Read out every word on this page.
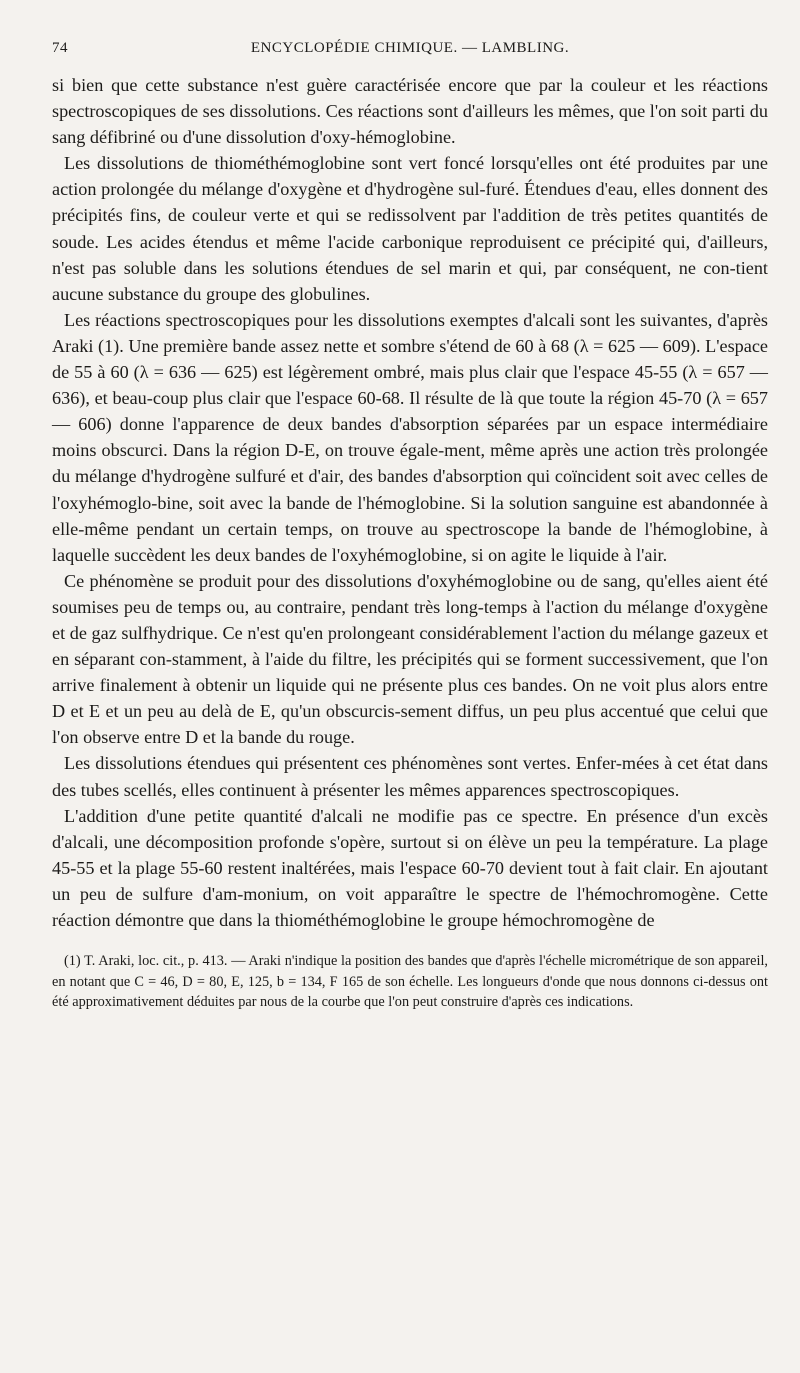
74	ENCYCLOPÉDIE CHIMIQUE. — LAMBLING.

si bien que cette substance n'est guère caractérisée encore que par la couleur et les réactions spectroscopiques de ses dissolutions. Ces réactions sont d'ailleurs les mêmes, que l'on soit parti du sang défibriné ou d'une dissolution d'oxy-hémoglobine.

Les dissolutions de thiométhémoglobine sont vert foncé lorsqu'elles ont été produites par une action prolongée du mélange d'oxygène et d'hydrogène sul-furé. Étendues d'eau, elles donnent des précipités fins, de couleur verte et qui se redissolvent par l'addition de très petites quantités de soude. Les acides étendus et même l'acide carbonique reproduisent ce précipité qui, d'ailleurs, n'est pas soluble dans les solutions étendues de sel marin et qui, par conséquent, ne con-tient aucune substance du groupe des globulines.

Les réactions spectroscopiques pour les dissolutions exemptes d'alcali sont les suivantes, d'après Araki (1). Une première bande assez nette et sombre s'étend de 60 à 68 (λ = 625 — 609). L'espace de 55 à 60 (λ = 636 — 625) est légèrement ombré, mais plus clair que l'espace 45-55 (λ = 657 — 636), et beau-coup plus clair que l'espace 60-68. Il résulte de là que toute la région 45-70 (λ = 657 — 606) donne l'apparence de deux bandes d'absorption séparées par un espace intermédiaire moins obscurci. Dans la région D-E, on trouve égale-ment, même après une action très prolongée du mélange d'hydrogène sulfuré et d'air, des bandes d'absorption qui coïncident soit avec celles de l'oxyhémoglo-bine, soit avec la bande de l'hémoglobine. Si la solution sanguine est abandonnée à elle-même pendant un certain temps, on trouve au spectroscope la bande de l'hémoglobine, à laquelle succèdent les deux bandes de l'oxyhémoglobine, si on agite le liquide à l'air.

Ce phénomène se produit pour des dissolutions d'oxyhémoglobine ou de sang, qu'elles aient été soumises peu de temps ou, au contraire, pendant très long-temps à l'action du mélange d'oxygène et de gaz sulfhydrique. Ce n'est qu'en prolongeant considérablement l'action du mélange gazeux et en séparant con-stamment, à l'aide du filtre, les précipités qui se forment successivement, que l'on arrive finalement à obtenir un liquide qui ne présente plus ces bandes. On ne voit plus alors entre D et E et un peu au delà de E, qu'un obscurcis-sement diffus, un peu plus accentué que celui que l'on observe entre D et la bande du rouge.

Les dissolutions étendues qui présentent ces phénomènes sont vertes. Enfer-mées à cet état dans des tubes scellés, elles continuent à présenter les mêmes apparences spectroscopiques.

L'addition d'une petite quantité d'alcali ne modifie pas ce spectre. En présence d'un excès d'alcali, une décomposition profonde s'opère, surtout si on élève un peu la température. La plage 45-55 et la plage 55-60 restent inaltérées, mais l'espace 60-70 devient tout à fait clair. En ajoutant un peu de sulfure d'am-monium, on voit apparaître le spectre de l'hémochromogène. Cette réaction démontre que dans la thiométhémoglobine le groupe hémochromogène de

(1) T. Araki, loc. cit., p. 413. — Araki n'indique la position des bandes que d'après l'échelle micrométrique de son appareil, en notant que C = 46, D = 80, E, 125, b = 134, F 165 de son échelle. Les longueurs d'onde que nous donnons ci-dessus ont été approximativement déduites par nous de la courbe que l'on peut construire d'après ces indications.
